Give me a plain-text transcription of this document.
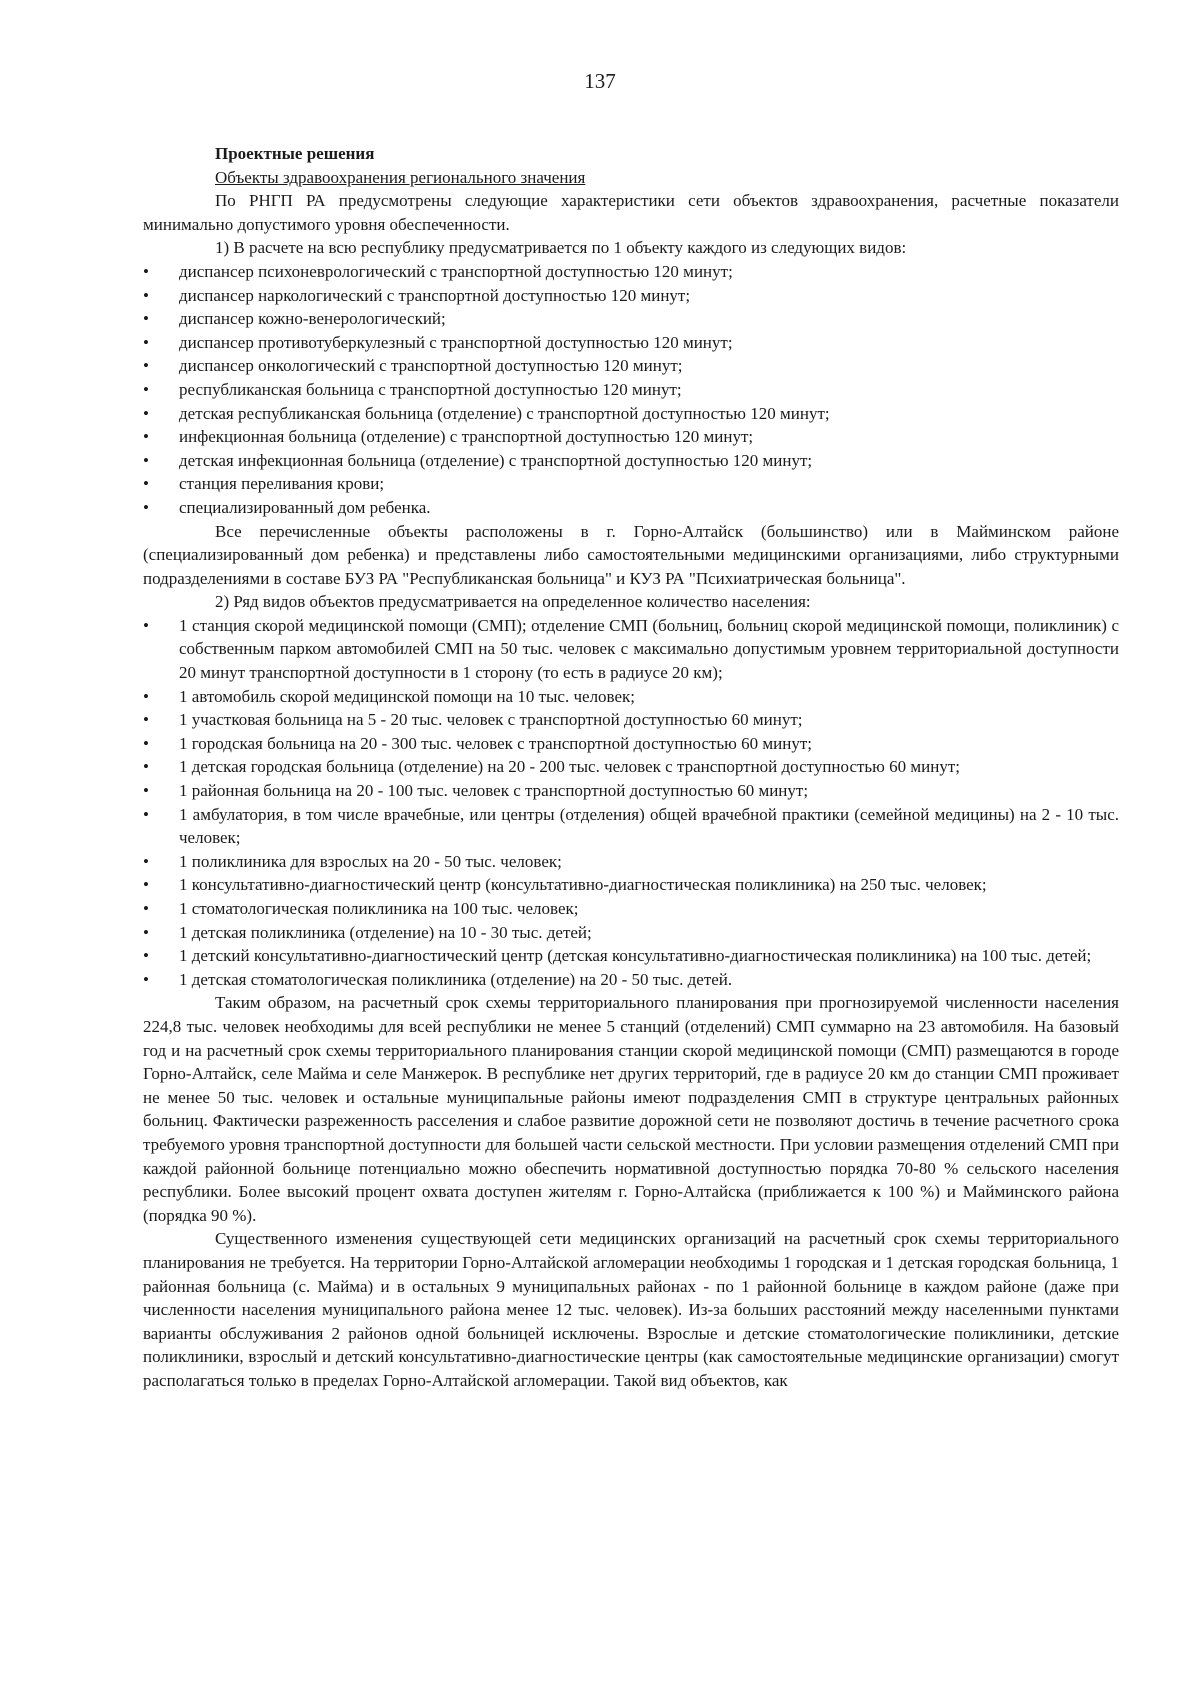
137
Проектные решения
Объекты здравоохранения регионального значения

По РНГП РА предусмотрены следующие характеристики сети объектов здравоохранения, расчетные показатели минимально допустимого уровня обеспеченности.

1) В расчете на всю республику предусматривается по 1 объекту каждого из следующих видов:

• диспансер психоневрологический с транспортной доступностью 120 минут;
• диспансер наркологический с транспортной доступностью 120 минут;
• диспансер кожно-венерологический;
• диспансер противотуберкулезный с транспортной доступностью 120 минут;
• диспансер онкологический с транспортной доступностью 120 минут;
• республиканская больница с транспортной доступностью 120 минут;
• детская республиканская больница (отделение) с транспортной доступностью 120 минут;
• инфекционная больница (отделение) с транспортной доступностью 120 минут;
• детская инфекционная больница (отделение) с транспортной доступностью 120 минут;
• станция переливания крови;
• специализированный дом ребенка.

Все перечисленные объекты расположены в г. Горно-Алтайск (большинство) или в Майминском районе (специализированный дом ребенка) и представлены либо самостоятельными медицинскими организациями, либо структурными подразделениями в составе БУЗ РА "Республиканская больница" и КУЗ РА "Психиатрическая больница".

2) Ряд видов объектов предусматривается на определенное количество населения:

• 1 станция скорой медицинской помощи (СМП); отделение СМП (больниц, больниц скорой медицинской помощи, поликлиник) с собственным парком автомобилей СМП на 50 тыс. человек с максимально допустимым уровнем территориальной доступности 20 минут транспортной доступности в 1 сторону (то есть в радиусе 20 км);
• 1 автомобиль скорой медицинской помощи на 10 тыс. человек;
• 1 участковая больница на 5 - 20 тыс. человек с транспортной доступностью 60 минут;
• 1 городская больница на 20 - 300 тыс. человек с транспортной доступностью 60 минут;
• 1 детская городская больница (отделение) на 20 - 200 тыс. человек с транспортной доступностью 60 минут;
• 1 районная больница на 20 - 100 тыс. человек с транспортной доступностью 60 минут;
• 1 амбулатория, в том числе врачебные, или центры (отделения) общей врачебной практики (семейной медицины) на 2 - 10 тыс. человек;
• 1 поликлиника для взрослых на 20 - 50 тыс. человек;
• 1 консультативно-диагностический центр (консультативно-диагностическая поликлиника) на 250 тыс. человек;
• 1 стоматологическая поликлиника на 100 тыс. человек;
• 1 детская поликлиника (отделение) на 10 - 30 тыс. детей;
• 1 детский консультативно-диагностический центр (детская консультативно-диагностическая поликлиника) на 100 тыс. детей;
• 1 детская стоматологическая поликлиника (отделение) на 20 - 50 тыс. детей.

Таким образом, на расчетный срок схемы территориального планирования при прогнозируемой численности населения 224,8 тыс. человек необходимы для всей республики не менее 5 станций (отделений) СМП суммарно на 23 автомобиля. На базовый год и на расчетный срок схемы территориального планирования станции скорой медицинской помощи (СМП) размещаются в городе Горно-Алтайск, селе Майма и селе Манжерок. В республике нет других территорий, где в радиусе 20 км до станции СМП проживает не менее 50 тыс. человек и остальные муниципальные районы имеют подразделения СМП в структуре центральных районных больниц. Фактически разреженность расселения и слабое развитие дорожной сети не позволяют достичь в течение расчетного срока требуемого уровня транспортной доступности для большей части сельской местности. При условии размещения отделений СМП при каждой районной больнице потенциально можно обеспечить нормативной доступностью порядка 70-80 % сельского населения республики. Более высокий процент охвата доступен жителям г. Горно-Алтайска (приближается к 100 %) и Майминского района (порядка 90 %).

Существенного изменения существующей сети медицинских организаций на расчетный срок схемы территориального планирования не требуется. На территории Горно-Алтайской агломерации необходимы 1 городская и 1 детская городская больница, 1 районная больница (с. Майма) и в остальных 9 муниципальных районах - по 1 районной больнице в каждом районе (даже при численности населения муниципального района менее 12 тыс. человек). Из-за больших расстояний между населенными пунктами варианты обслуживания 2 районов одной больницей исключены. Взрослые и детские стоматологические поликлиники, детские поликлиники, взрослый и детский консультативно-диагностические центры (как самостоятельные медицинские организации) смогут располагаться только в пределах Горно-Алтайской агломерации. Такой вид объектов, как
